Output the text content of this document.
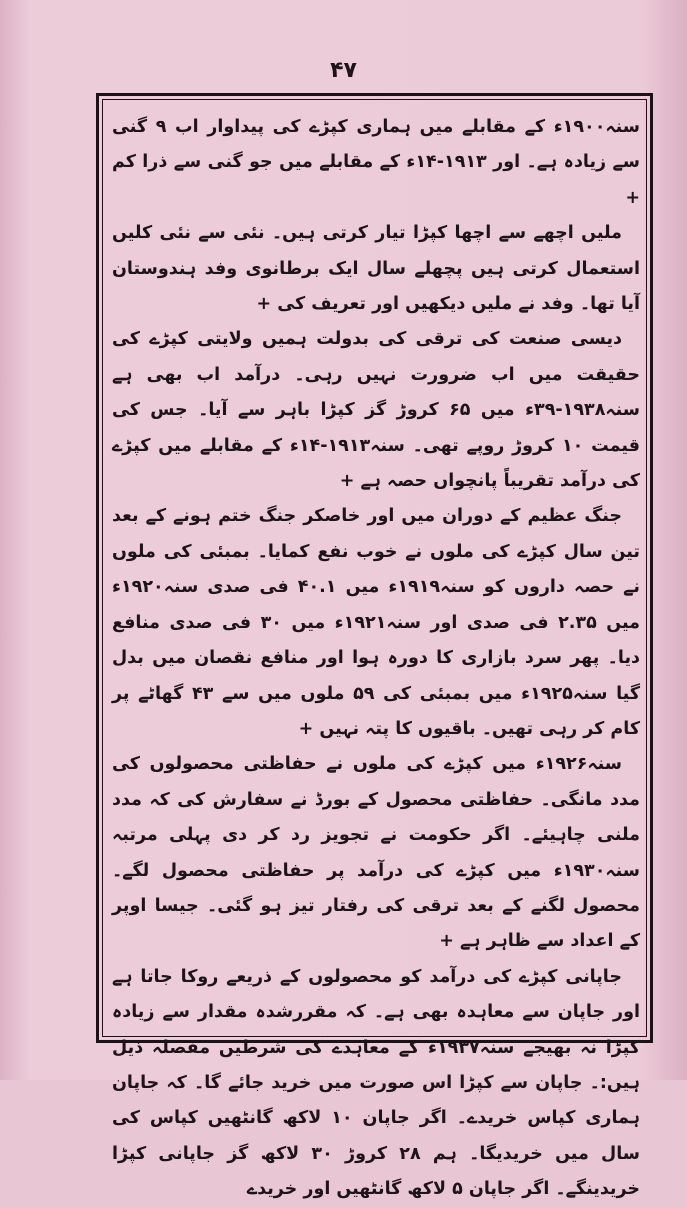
۴۷

سنہ۱۹۰۰ء کے مقابلے میں ہماری کپڑے کی پیداوار اب ۹ گنی سے زیادہ ہے۔ اور ۱۹۱۳-۱۴ء کے مقابلے میں جو گنی سے ذرا کم +

ملیں اچھے سے اچھا کپڑا تیار کرتی ہیں۔ نئی سے نئی کلیں استعمال کرتی ہیں پچھلے سال ایک برطانوی وفد ہندوستان آیا تھا۔ وفد نے ملیں دیکھیں اور تعریف کی +

دیسی صنعت کی ترقی کی بدولت ہمیں ولایتی کپڑے کی حقیقت میں اب ضرورت نہیں رہی۔ درآمد اب بھی ہے سنہ۱۹۳۸-۳۹ء میں ۶۵ کروڑ گز کپڑا باہر سے آیا۔ جس کی قیمت ۱۰ کروڑ روپے تھی۔ سنہ۱۹۱۳-۱۴ء کے مقابلے میں کپڑے کی درآمد تقریباً پانچواں حصہ ہے +

جنگ عظیم کے دوران میں اور خاصکر جنگ ختم ہونے کے بعد تین سال کپڑے کی ملوں نے خوب نفع کمایا۔ بمبئی کی ملوں نے حصہ داروں کو سنہ۱۹۱۹ء میں ۴۰.۱ فی صدی سنہ۱۹۲۰ء میں ۲.۳۵ فی صدی اور سنہ۱۹۲۱ء میں ۳۰ فی صدی منافع دیا۔ پھر سرد بازاری کا دورہ ہوا اور منافع نقصان میں بدل گیا سنہ۱۹۲۵ء میں بمبئی کی ۵۹ ملوں میں سے ۴۳ گھاٹے پر کام کر رہی تھیں۔ باقیوں کا پتہ نہیں +

سنہ۱۹۲۶ء میں کپڑے کی ملوں نے حفاظتی محصولوں کی مدد مانگی۔ حفاظتی محصول کے بورڈ نے سفارش کی کہ مدد ملنی چاہیئے۔ اگر حکومت نے تجویز رد کر دی پہلی مرتبہ سنہ۱۹۳۰ء میں کپڑے کی درآمد پر حفاظتی محصول لگے۔ محصول لگنے کے بعد ترقی کی رفتار تیز ہو گئی۔ جیسا اوپر کے اعداد سے ظاہر ہے +

جاپانی کپڑے کی درآمد کو محصولوں کے ذریعے روکا جاتا ہے اور جاپان سے معاہدہ بھی ہے۔ کہ مقررشدہ مقدار سے زیادہ کپڑا نہ بھیجے سنہ۱۹۳۷ء کے معاہدے کی شرطیں مفصلہ ذیل ہیں:۔ جاپان سے کپڑا اس صورت میں خرید جائے گا۔ کہ جاپان ہماری کپاس خریدے۔ اگر جاپان ۱۰ لاکھ گانٹھیں کپاس کی سال میں خریدیگا۔ ہم ۲۸ کروڑ ۳۰ لاکھ گز جاپانی کپڑا خریدینگے۔ اگر جاپان ۵ لاکھ گانٹھیں اور خریدے
